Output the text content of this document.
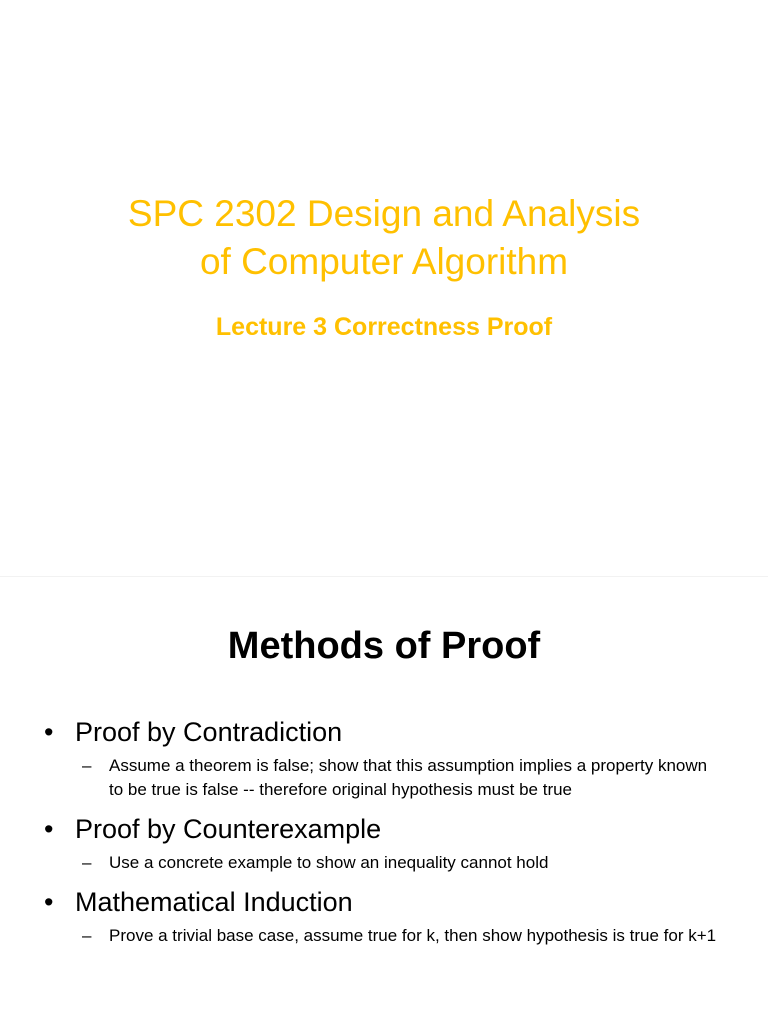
SPC 2302 Design and Analysis
of Computer Algorithm
Lecture 3 Correctness Proof
Methods of Proof
• Proof by Contradiction
– Assume a theorem is false; show that this assumption implies a property known to be true is false -- therefore original hypothesis must be true
• Proof by Counterexample
– Use a concrete example to show an inequality cannot hold
• Mathematical Induction
– Prove a trivial base case, assume true for k, then show hypothesis is true for k+1
